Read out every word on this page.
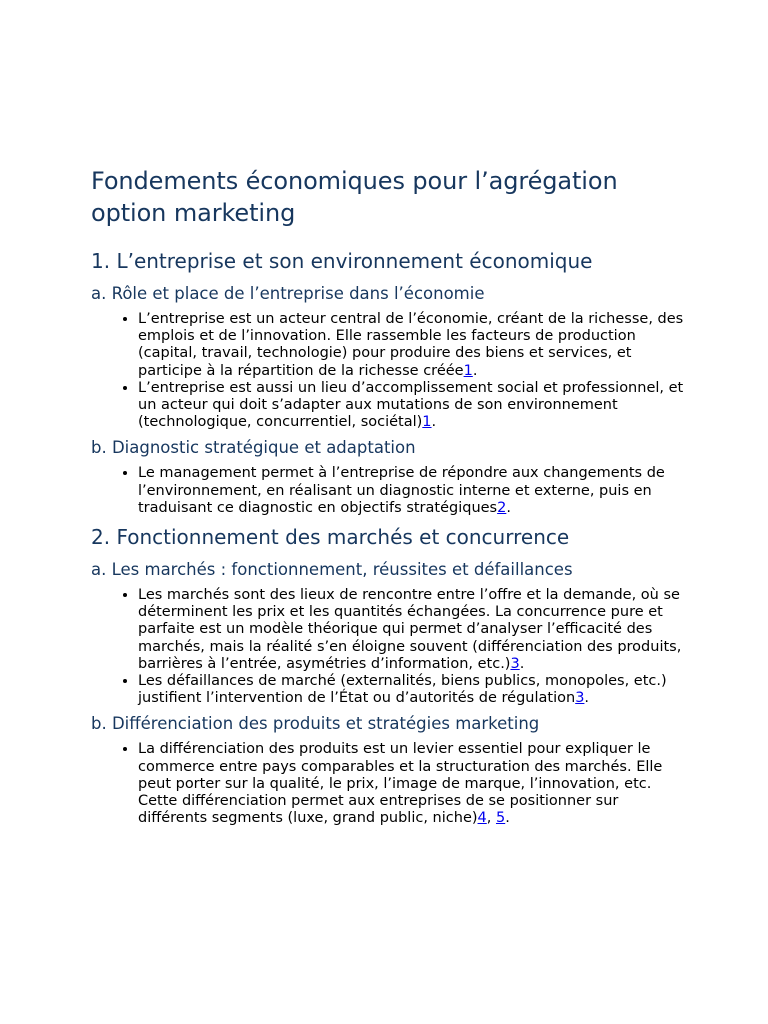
Fondements économiques pour l’agrégation option marketing
1. L’entreprise et son environnement économique
a. Rôle et place de l’entreprise dans l’économie
• L’entreprise est un acteur central de l’économie, créant de la richesse, des emplois et de l’innovation. Elle rassemble les facteurs de production (capital, travail, technologie) pour produire des biens et services, et participe à la répartition de la richesse créée1.
• L’entreprise est aussi un lieu d’accomplissement social et professionnel, et un acteur qui doit s’adapter aux mutations de son environnement (technologique, concurrentiel, sociétal)1.
b. Diagnostic stratégique et adaptation
• Le management permet à l’entreprise de répondre aux changements de l’environnement, en réalisant un diagnostic interne et externe, puis en traduisant ce diagnostic en objectifs stratégiques2.
2. Fonctionnement des marchés et concurrence
a. Les marchés : fonctionnement, réussites et défaillances
• Les marchés sont des lieux de rencontre entre l’offre et la demande, où se déterminent les prix et les quantités échangées. La concurrence pure et parfaite est un modèle théorique qui permet d’analyser l’efficacité des marchés, mais la réalité s’en éloigne souvent (différenciation des produits, barrières à l’entrée, asymétries d’information, etc.)3.
• Les défaillances de marché (externalités, biens publics, monopoles, etc.) justifient l’intervention de l’État ou d’autorités de régulation3.
b. Différenciation des produits et stratégies marketing
• La différenciation des produits est un levier essentiel pour expliquer le commerce entre pays comparables et la structuration des marchés. Elle peut porter sur la qualité, le prix, l’image de marque, l’innovation, etc. Cette différenciation permet aux entreprises de se positionner sur différents segments (luxe, grand public, niche)4, 5.
